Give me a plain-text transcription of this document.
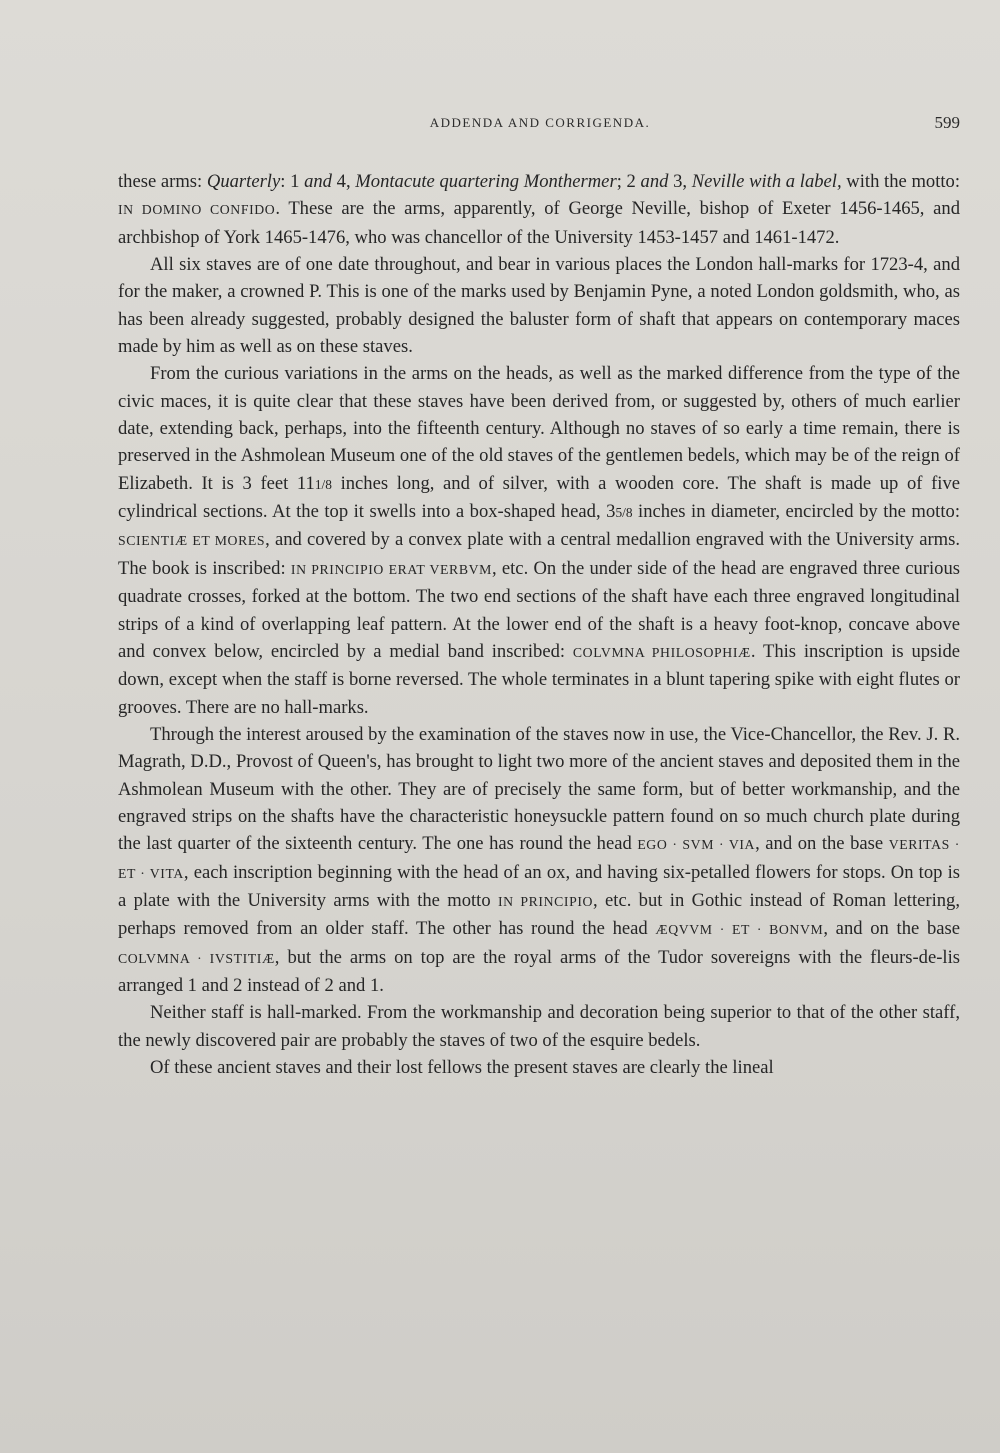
ADDENDA AND CORRIGENDA.	599

these arms: Quarterly: 1 and 4, Montacute quartering Monthermer; 2 and 3, Neville with a label, with the motto: IN DOMINO CONFIDO. These are the arms, apparently, of George Neville, bishop of Exeter 1456-1465, and archbishop of York 1465-1476, who was chancellor of the University 1453-1457 and 1461-1472.

All six staves are of one date throughout, and bear in various places the London hall-marks for 1723-4, and for the maker, a crowned P. This is one of the marks used by Benjamin Pyne, a noted London goldsmith, who, as has been already suggested, probably designed the baluster form of shaft that appears on contemporary maces made by him as well as on these staves.

From the curious variations in the arms on the heads, as well as the marked difference from the type of the civic maces, it is quite clear that these staves have been derived from, or suggested by, others of much earlier date, extending back, perhaps, into the fifteenth century. Although no staves of so early a time remain, there is preserved in the Ashmolean Museum one of the old staves of the gentlemen bedels, which may be of the reign of Elizabeth. It is 3 feet 111/8 inches long, and of silver, with a wooden core. The shaft is made up of five cylindrical sections. At the top it swells into a box-shaped head, 35/8 inches in diameter, encircled by the motto: SCIENTIÆ ET MORES, and covered by a convex plate with a central medallion engraved with the University arms. The book is inscribed: IN PRINCIPIO ERAT VERBVM, etc. On the under side of the head are engraved three curious quadrate crosses, forked at the bottom. The two end sections of the shaft have each three engraved longitudinal strips of a kind of overlapping leaf pattern. At the lower end of the shaft is a heavy foot-knop, concave above and convex below, encircled by a medial band inscribed: COLVMNA PHILOSOPHIÆ. This inscription is upside down, except when the staff is borne reversed. The whole terminates in a blunt tapering spike with eight flutes or grooves. There are no hall-marks.

Through the interest aroused by the examination of the staves now in use, the Vice-Chancellor, the Rev. J. R. Magrath, D.D., Provost of Queen's, has brought to light two more of the ancient staves and deposited them in the Ashmolean Museum with the other. They are of precisely the same form, but of better workmanship, and the engraved strips on the shafts have the characteristic honeysuckle pattern found on so much church plate during the last quarter of the sixteenth century. The one has round the head EGO · SVM · VIA, and on the base VERITAS · ET · VITA, each inscription beginning with the head of an ox, and having six-petalled flowers for stops. On top is a plate with the University arms with the motto IN PRINCIPIO, etc. but in Gothic instead of Roman lettering, perhaps removed from an older staff. The other has round the head ÆQVVM · ET · BONVM, and on the base COLVMNA · IVSTITIÆ, but the arms on top are the royal arms of the Tudor sovereigns with the fleurs-de-lis arranged 1 and 2 instead of 2 and 1.

Neither staff is hall-marked. From the workmanship and decoration being superior to that of the other staff, the newly discovered pair are probably the staves of two of the esquire bedels.

Of these ancient staves and their lost fellows the present staves are clearly the lineal
